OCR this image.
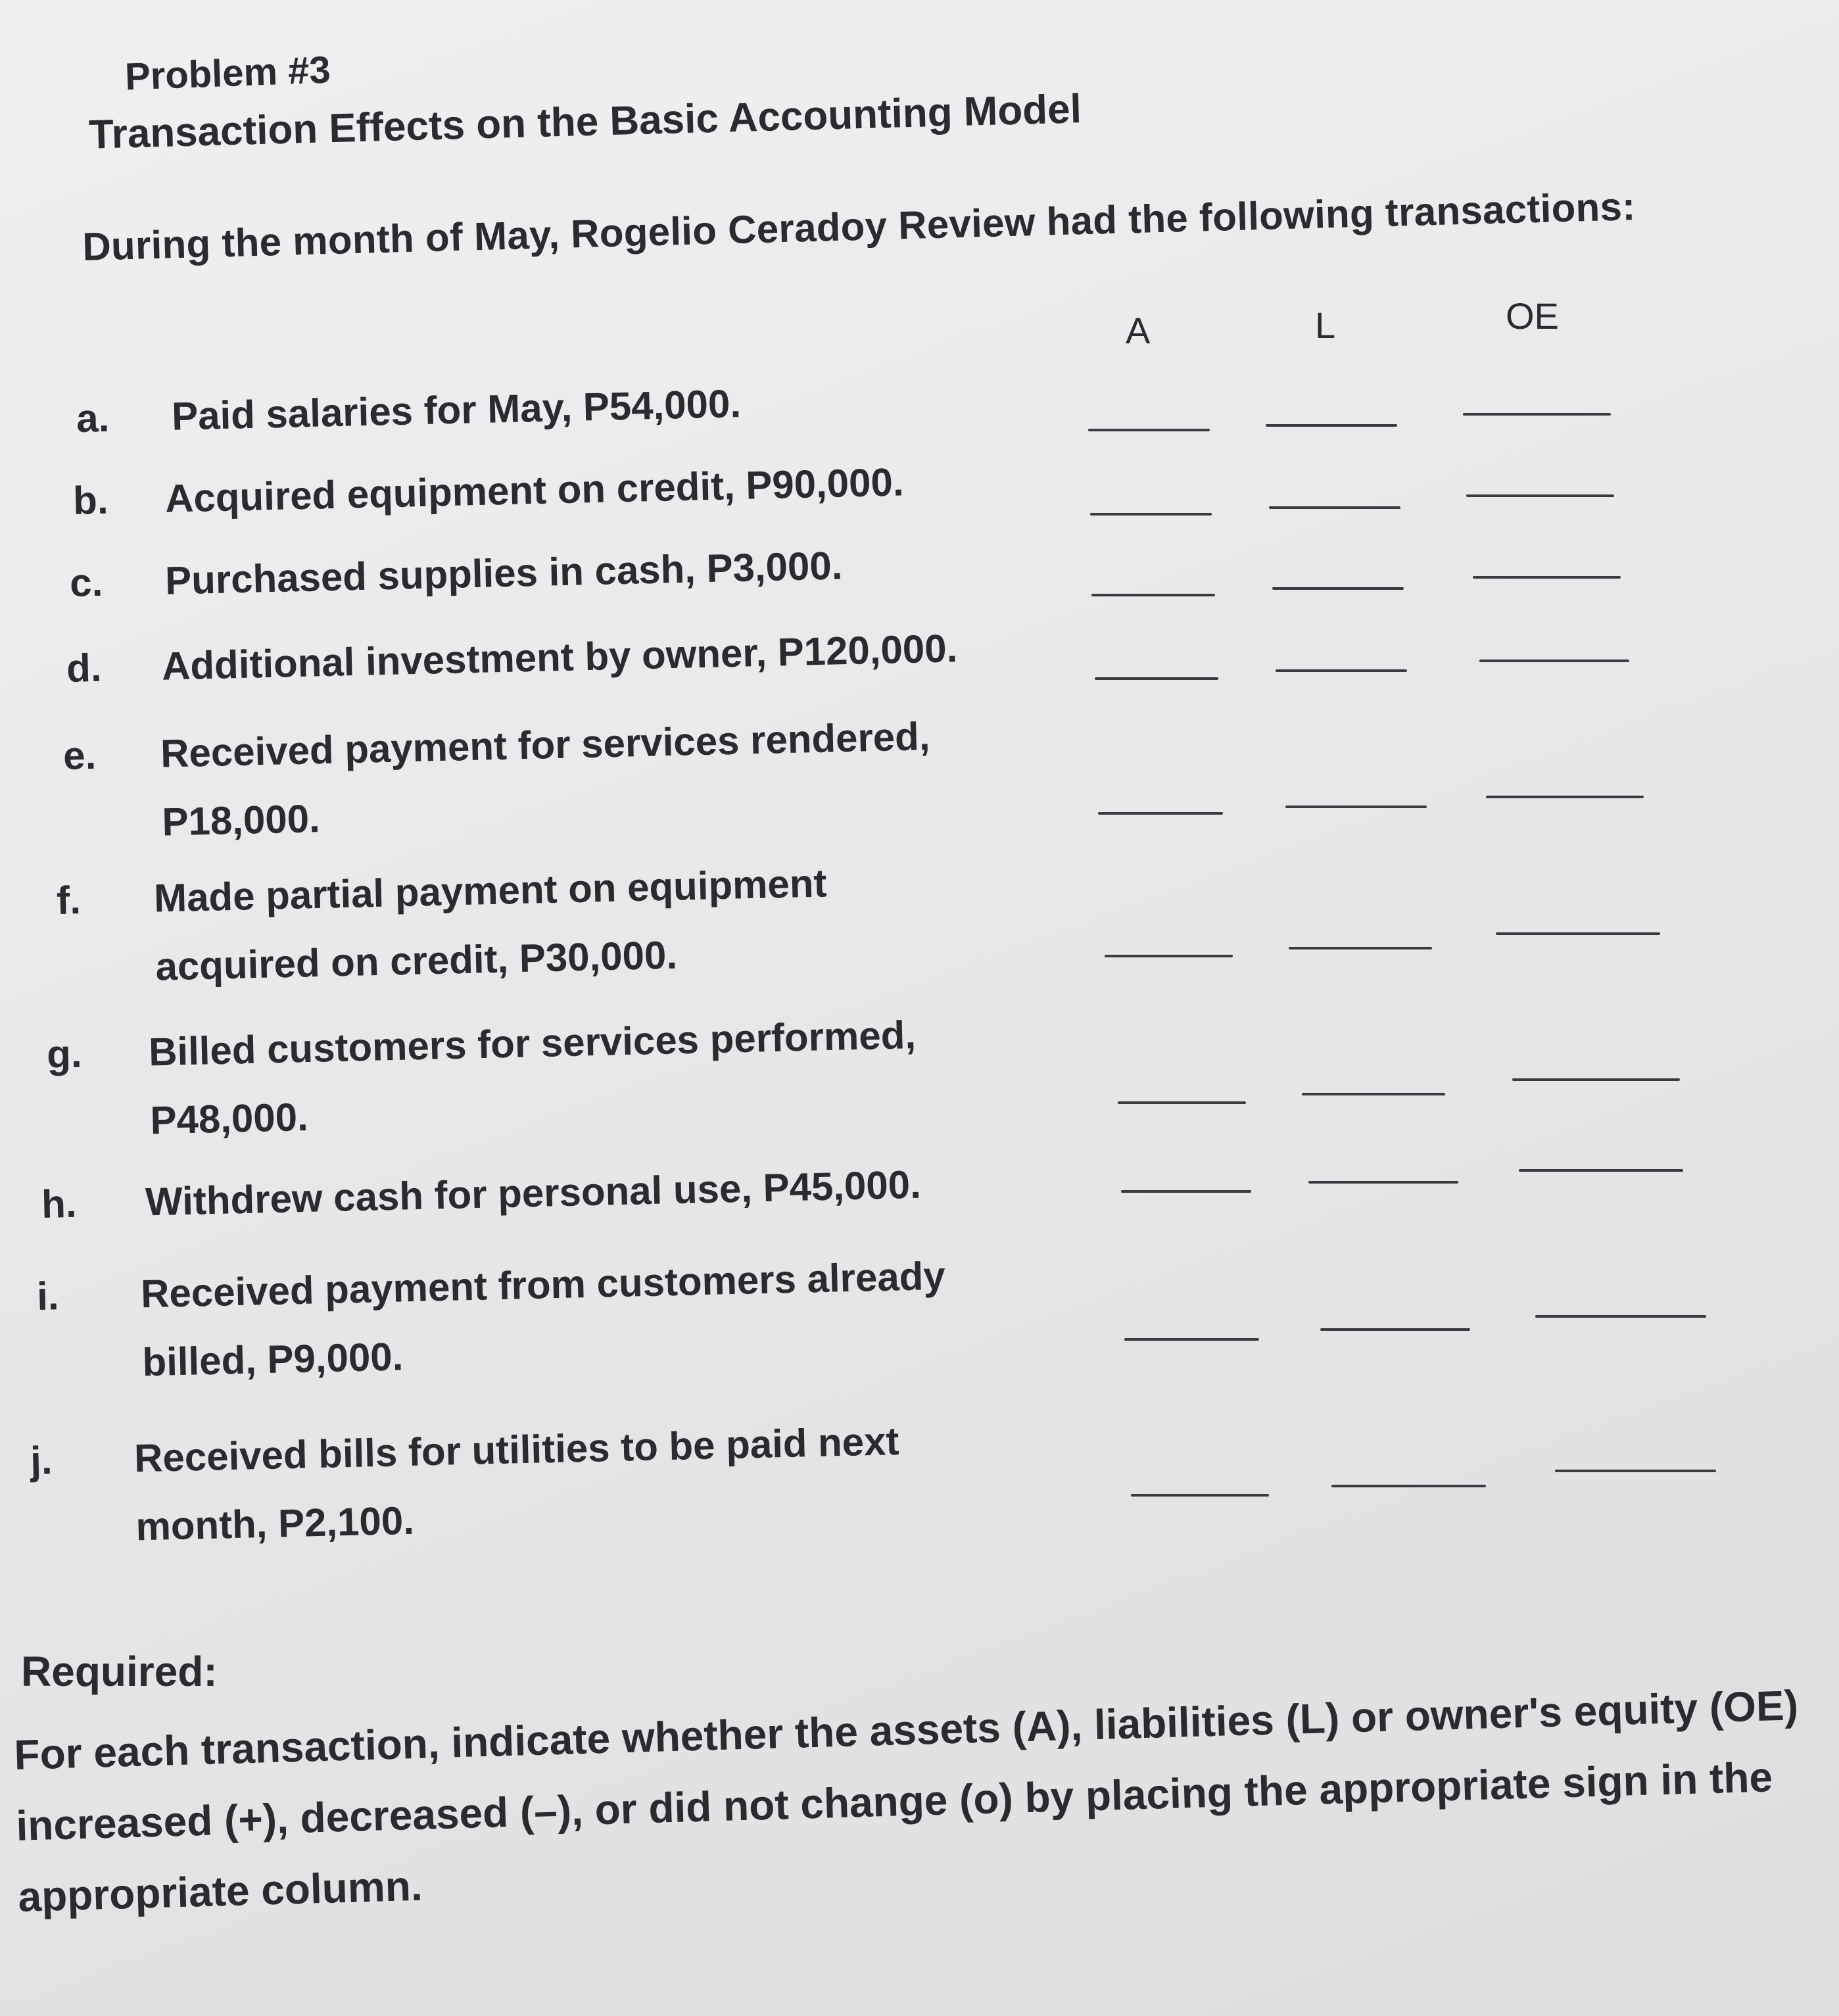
Problem #3
Transaction Effects on the Basic Accounting Model
During the month of May, Rogelio Ceradoy Review had the following transactions:
A	L	OE
a. Paid salaries for May, P54,000.
b. Acquired equipment on credit, P90,000.
c. Purchased supplies in cash, P3,000.
d. Additional investment by owner, P120,000.
e. Received payment for services rendered,
P18,000.
f. Made partial payment on equipment
acquired on credit, P30,000.
g. Billed customers for services performed,
P48,000.
h. Withdrew cash for personal use, P45,000.
i. Received payment from customers already
billed, P9,000.
j. Received bills for utilities to be paid next
month, P2,100.
Required:
For each transaction, indicate whether the assets (A), liabilities (L) or owner's equity (OE) increased (+), decreased (–), or did not change (o) by placing the appropriate sign in the appropriate column.
